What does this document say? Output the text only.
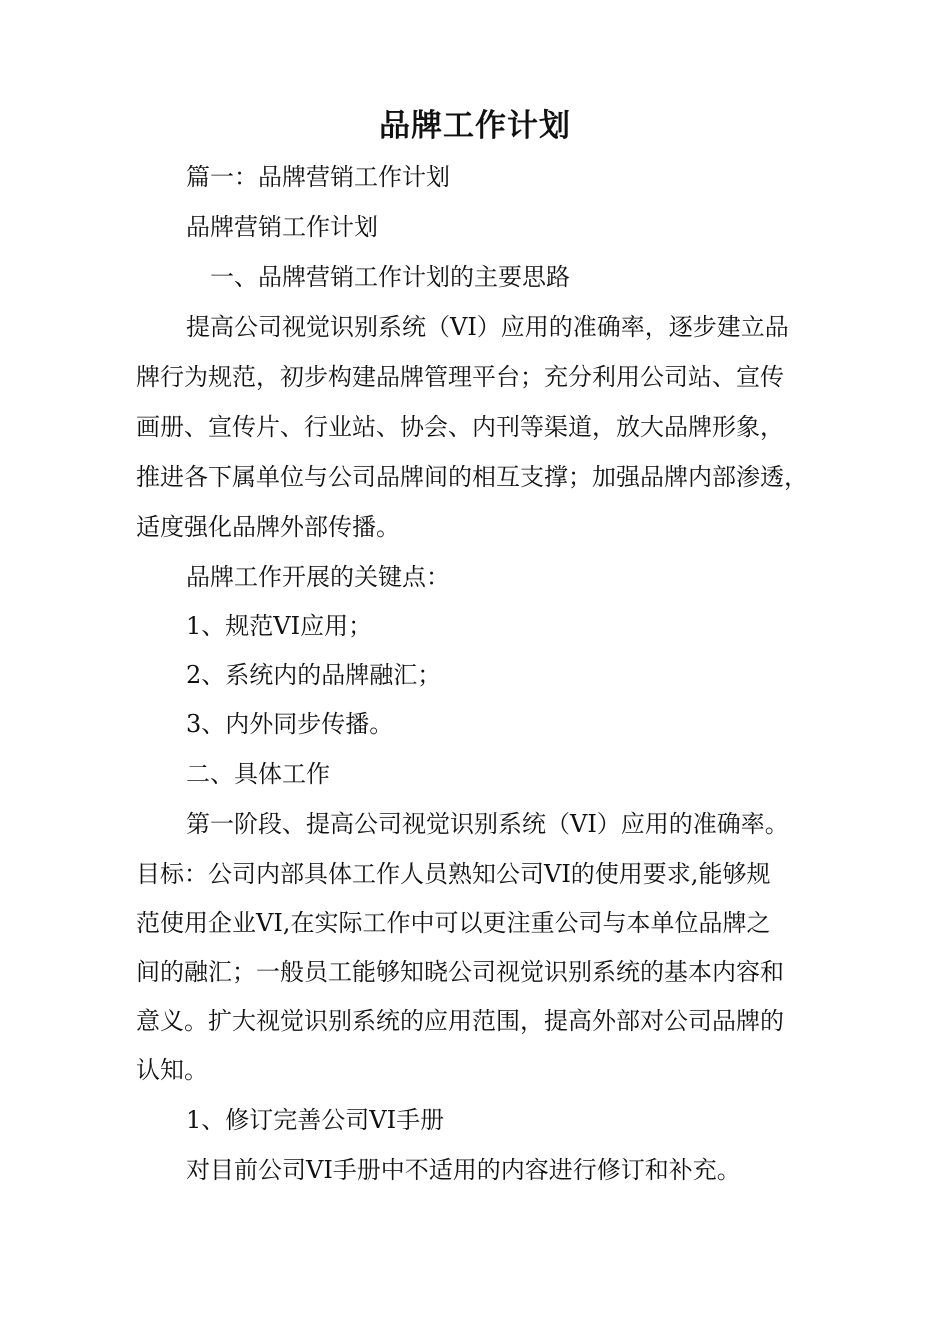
品牌工作计划
篇一：品牌营销工作计划
品牌营销工作计划
一、品牌营销工作计划的主要思路
提高公司视觉识别系统（VI）应用的准确率，逐步建立品
牌行为规范，初步构建品牌管理平台；充分利用公司站、宣传
画册、宣传片、行业站、协会、内刊等渠道，放大品牌形象，
推进各下属单位与公司品牌间的相互支撑；加强品牌内部渗透，
适度强化品牌外部传播。
品牌工作开展的关键点：
1、规范VI应用；
2、系统内的品牌融汇；
3、内外同步传播。
二、具体工作
第一阶段、提高公司视觉识别系统（VI）应用的准确率。
目标：公司内部具体工作人员熟知公司VI的使用要求,能够规
范使用企业VI,在实际工作中可以更注重公司与本单位品牌之
间的融汇；一般员工能够知晓公司视觉识别系统的基本内容和
意义。扩大视觉识别系统的应用范围，提高外部对公司品牌的
认知。
1、修订完善公司VI手册
对目前公司VI手册中不适用的内容进行修订和补充。
